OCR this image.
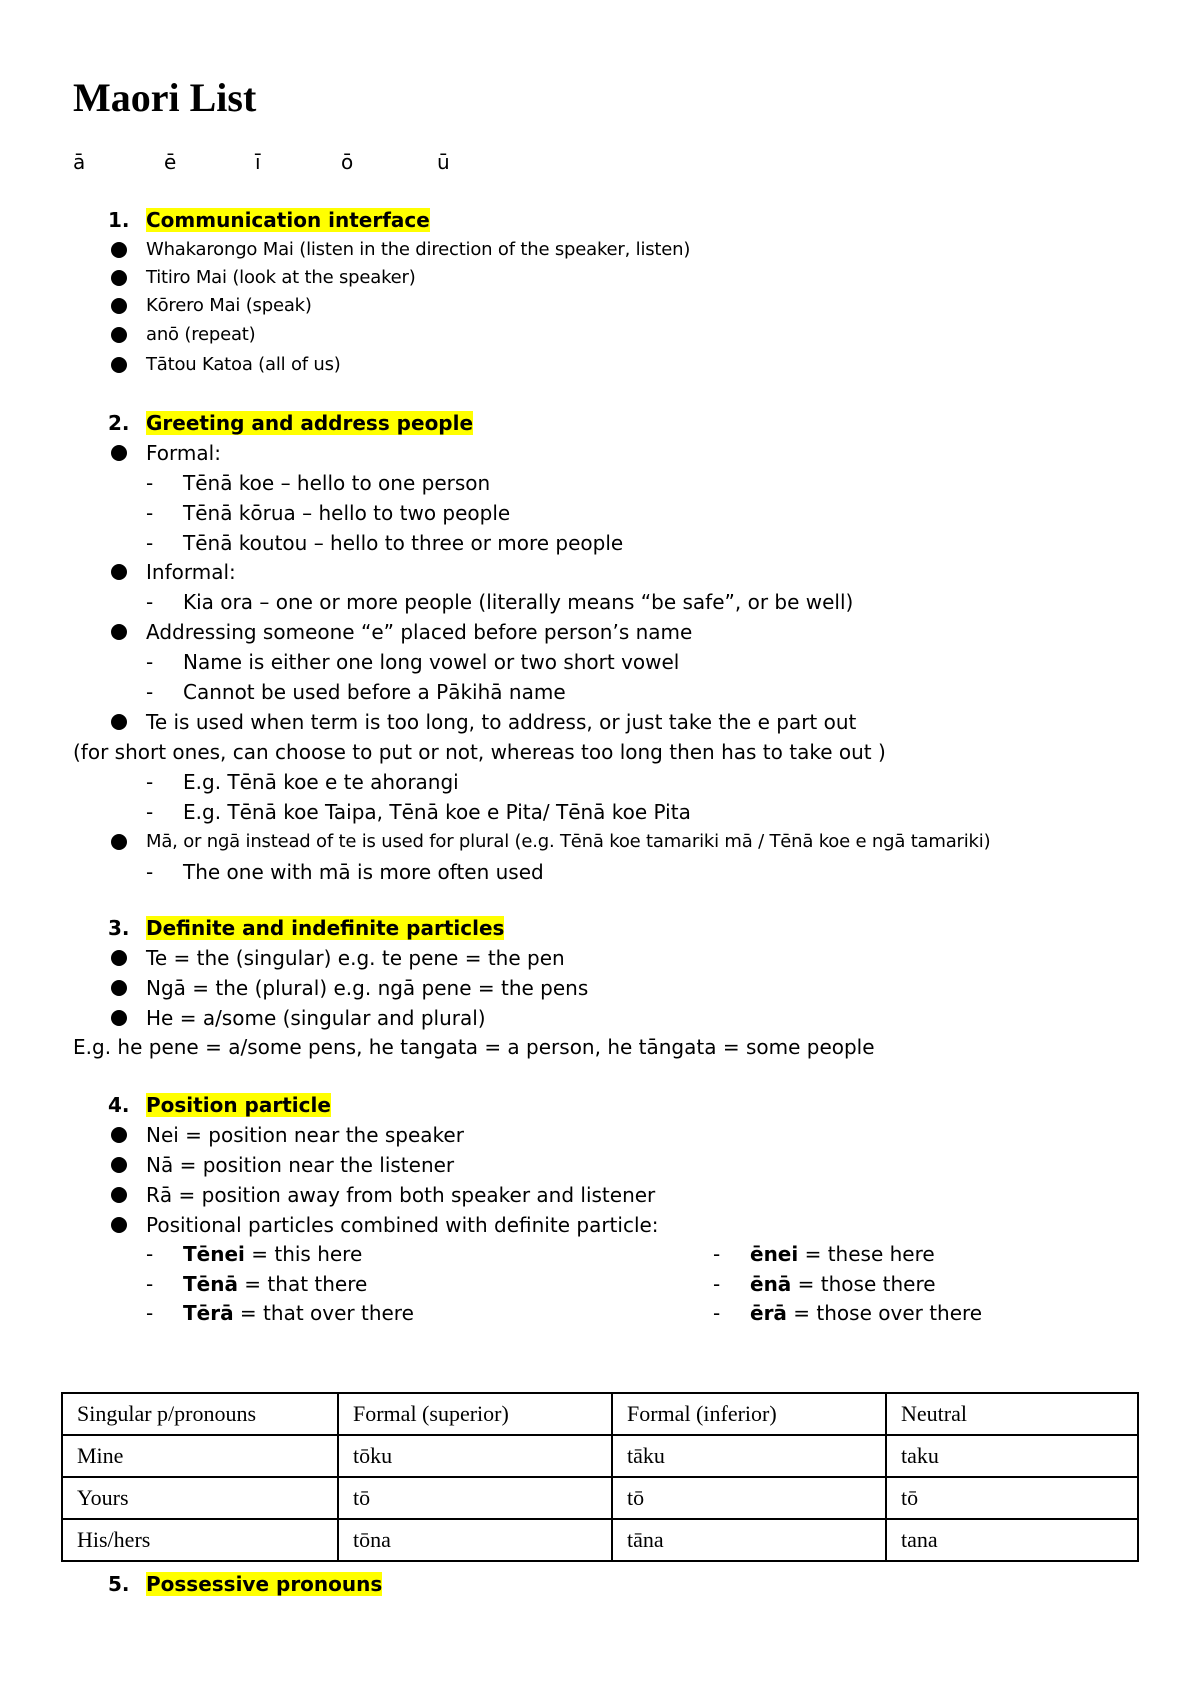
Maori List
ā	ē	ī	ō	ū
1. Communication interface
Whakarongo Mai (listen in the direction of the speaker, listen)
Titiro Mai (look at the speaker)
Kōrero Mai (speak)
anō (repeat)
Tātou Katoa (all of us)
2. Greeting and address people
Formal:
- Tēnā koe – hello to one person
- Tēnā kōrua – hello to two people
- Tēnā koutou – hello to three or more people
Informal:
- Kia ora – one or more people (literally means “be safe”, or be well)
Addressing someone “e” placed before person’s name
- Name is either one long vowel or two short vowel
- Cannot be used before a Pākihā name
Te is used when term is too long, to address, or just take the e part out
(for short ones, can choose to put or not, whereas too long then has to take out )
- E.g. Tēnā koe e te ahorangi
- E.g. Tēnā koe Taipa, Tēnā koe e Pita/ Tēnā koe Pita
Mā, or ngā instead of te is used for plural (e.g. Tēnā koe tamariki mā / Tēnā koe e ngā tamariki)
- The one with mā is more often used
3. Definite and indefinite particles
Te = the (singular) e.g. te pene = the pen
Ngā = the (plural) e.g. ngā pene = the pens
He = a/some (singular and plural)
E.g. he pene = a/some pens, he tangata = a person, he tāngata = some people
4. Position particle
Nei = position near the speaker
Nā = position near the listener
Rā = position away from both speaker and listener
Positional particles combined with definite particle:
- Tēnei = this here
- Tēnā = that there
- Tērā = that over there
- ēnei = these here
- ēnā = those there
- ērā = those over there
Singular p/pronouns	Formal (superior)	Formal (inferior)	Neutral
Mine	tōku	tāku	taku
Yours	tō	tō	tō
His/hers	tōna	tāna	tana
5. Possessive pronouns
